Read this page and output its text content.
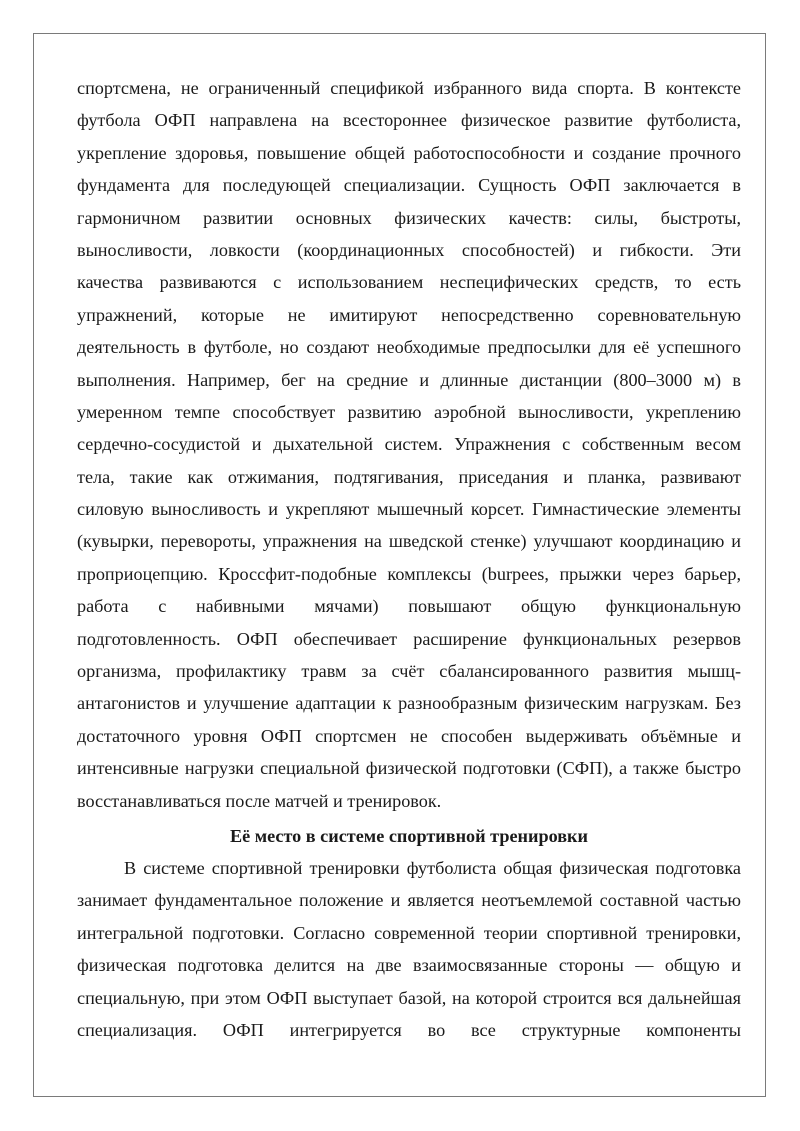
спортсмена, не ограниченный спецификой избранного вида спорта. В контексте
футбола ОФП направлена на всестороннее физическое развитие футболиста,
укрепление здоровья, повышение общей работоспособности и создание прочного
фундамента для последующей специализации. Сущность ОФП заключается в
гармоничном развитии основных физических качеств: силы, быстроты,
выносливости, ловкости (координационных способностей) и гибкости. Эти
качества развиваются с использованием неспецифических средств, то есть
упражнений, которые не имитируют непосредственно соревновательную
деятельность в футболе, но создают необходимые предпосылки для её успешного
выполнения. Например, бег на средние и длинные дистанции (800–3000 м) в
умеренном темпе способствует развитию аэробной выносливости, укреплению
сердечно-сосудистой и дыхательной систем. Упражнения с собственным весом
тела, такие как отжимания, подтягивания, приседания и планка, развивают
силовую выносливость и укрепляют мышечный корсет. Гимнастические элементы
(кувырки, перевороты, упражнения на шведской стенке) улучшают координацию и
проприоцепцию. Кроссфит-подобные комплексы (burpees, прыжки через барьер,
работа с набивными мячами) повышают общую функциональную
подготовленность. ОФП обеспечивает расширение функциональных резервов
организма, профилактику травм за счёт сбалансированного развития мышц-
антагонистов и улучшение адаптации к разнообразным физическим нагрузкам. Без
достаточного уровня ОФП спортсмен не способен выдерживать объёмные и
интенсивные нагрузки специальной физической подготовки (СФП), а также быстро
восстанавливаться после матчей и тренировок.
Её место в системе спортивной тренировки
В системе спортивной тренировки футболиста общая физическая подготовка
занимает фундаментальное положение и является неотъемлемой составной частью
интегральной подготовки. Согласно современной теории спортивной тренировки,
физическая подготовка делится на две взаимосвязанные стороны — общую и
специальную, при этом ОФП выступает базой, на которой строится вся дальнейшая
специализация. ОФП интегрируется во все структурные компоненты
